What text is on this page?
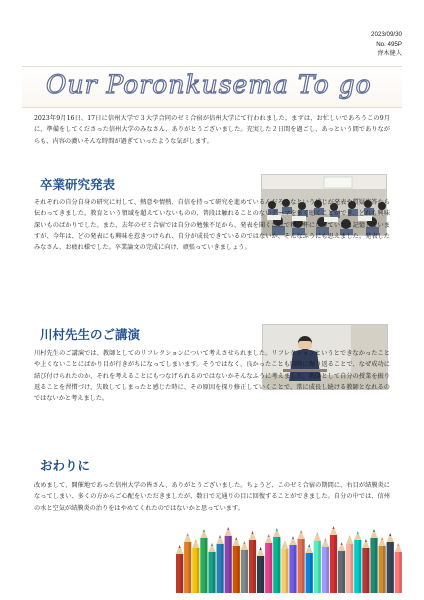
2023/09/30
No. 495P
齊木健人
Our Poronkusema To go

2023年9月16日、17日に信州大学で３大学合同のゼミ合宿が信州大学にて行われました。まずは、お忙しいであろうこの9月に、準備をしてくださった信州大学のみなさん、ありがとうございました。充実した２日間を過ごし、あっという間でありながらも、内容の濃いそんな時間が過ぎていったような気がします。

卒業研究発表

それぞれの自分自身の研究に対して、熱意や情熱、自信を持って研究を進めているんだろうなという感じが発表や質疑応答から伝わってきました。教育という領域を超えていないものの、普段は触れることのないテーマを多く聴くことができ、どれも興味深いものばかりでした。また、去年のゼミ合宿では自分の勉強不足から、発表を聞くだけで精一杯になっていたと記憶していますが、今年は、どの発表にも興味を惹きつけられ、自分が成長できているのではないか、そんなふうにも思えました。発表したみなさん、お疲れ様でした。卒業論文の完成に向け、頑張っていきましょう。

川村先生のご講演

川村先生のご講演では、教師としてのリフレクションについて考えさせられました。リフレクションというとできなかったことや上くないことにばかり目が行きがちになってしまいます。そうではなく、良かったことも同時に振り返ることで、なぜ成功に結び付けられたのか、それを考えることにもつなげられるのではないかそんなふうに考えました。教師として自分の授業を振り返ることを習慣づけ、失敗してしまったと感じた時に、その原因を探り修正していくことで、常に成長し続ける教師となれるのではないかと考えました。

おわりに

改めまして、開催地であった信州大学の皆さん、ありがとうございました。ちょうど、このゼミ合宿の期間に、右目が結膜炎になってしまい、多くの方からご心配をいただきましたが、数日で元通りの目に回復することができました。自分の中では、信州の水と空気が結膜炎の治りをはやめてくれたのではないかと思っています。
